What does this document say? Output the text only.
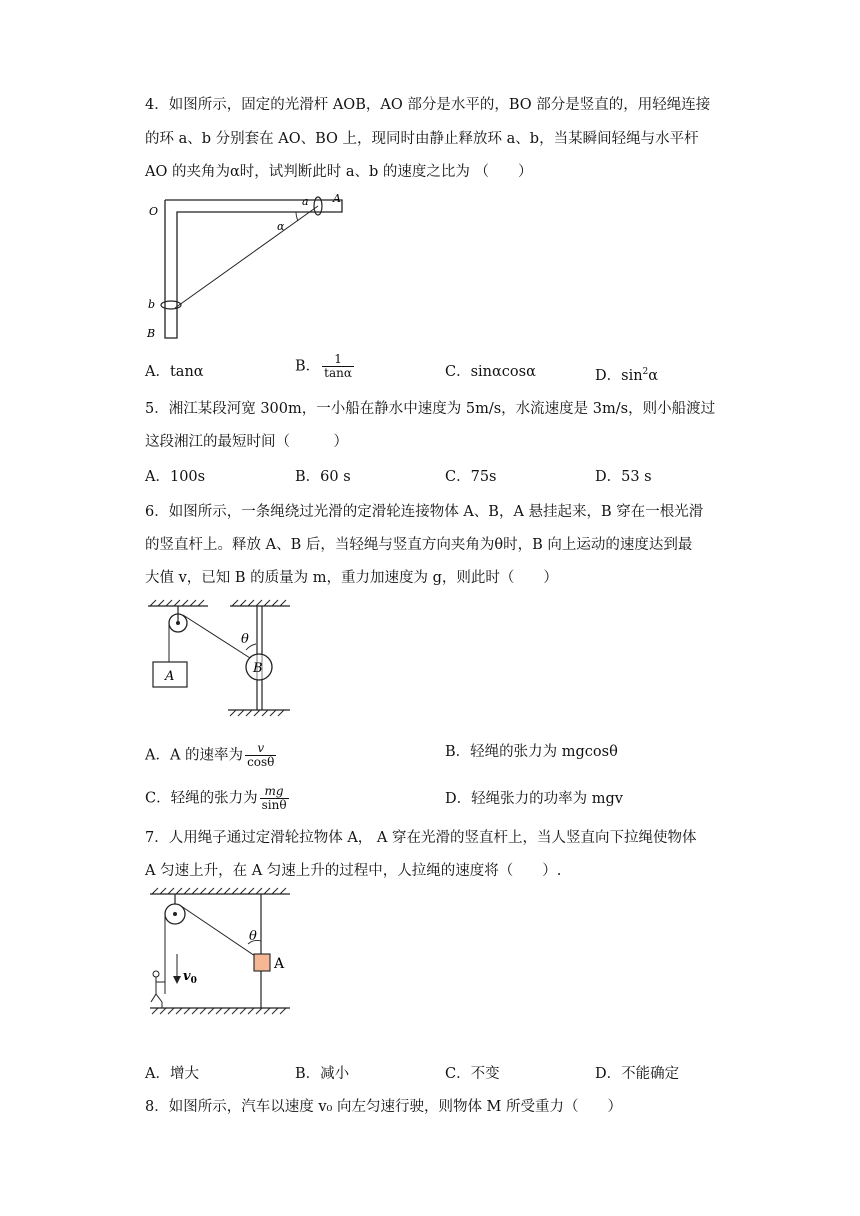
4．如图所示，固定的光滑杆 AOB，AO 部分是水平的，BO 部分是竖直的，用轻绳连接
的环 a、b 分别套在 AO、BO 上，现同时由静止释放环 a、b，当某瞬间轻绳与水平杆
AO 的夹角为α时，试判断此时 a、b 的速度之比为 （　　）
O
A
a
α
b
B
A．tanα	B． $\frac{1}{\tan\alpha}$	C．sinαcosα	D．$\sin^2\alpha$
5．湘江某段河宽 300m，一小船在静水中速度为 5m/s，水流速度是 3m/s，则小船渡过
这段湘江的最短时间（　　　）
A．100s	B．60 s	C．75s	D．53 s
6．如图所示，一条绳绕过光滑的定滑轮连接物体 A、B，A 悬挂起来，B 穿在一根光滑
的竖直杆上。释放 A、B 后，当轻绳与竖直方向夹角为θ时，B 向上运动的速度达到最
大值 v，已知 B 的质量为 m，重力加速度为 g，则此时（　　）
A
B
θ
A．A 的速率为 $\frac{v}{\cos\theta}$	B．轻绳的张力为 mgcosθ
C．轻绳的张力为 $\frac{mg}{\sin\theta}$	D．轻绳张力的功率为 mgv
7．人用绳子通过定滑轮拉物体 A， A 穿在光滑的竖直杆上，当人竖直向下拉绳使物体
A 匀速上升，在 A 匀速上升的过程中，人拉绳的速度将（　　）.
A
θ
$v_0$
A．增大	B．减小	C．不变	D．不能确定
8．如图所示，汽车以速度 v₀ 向左匀速行驶，则物体 M 所受重力（　　）
